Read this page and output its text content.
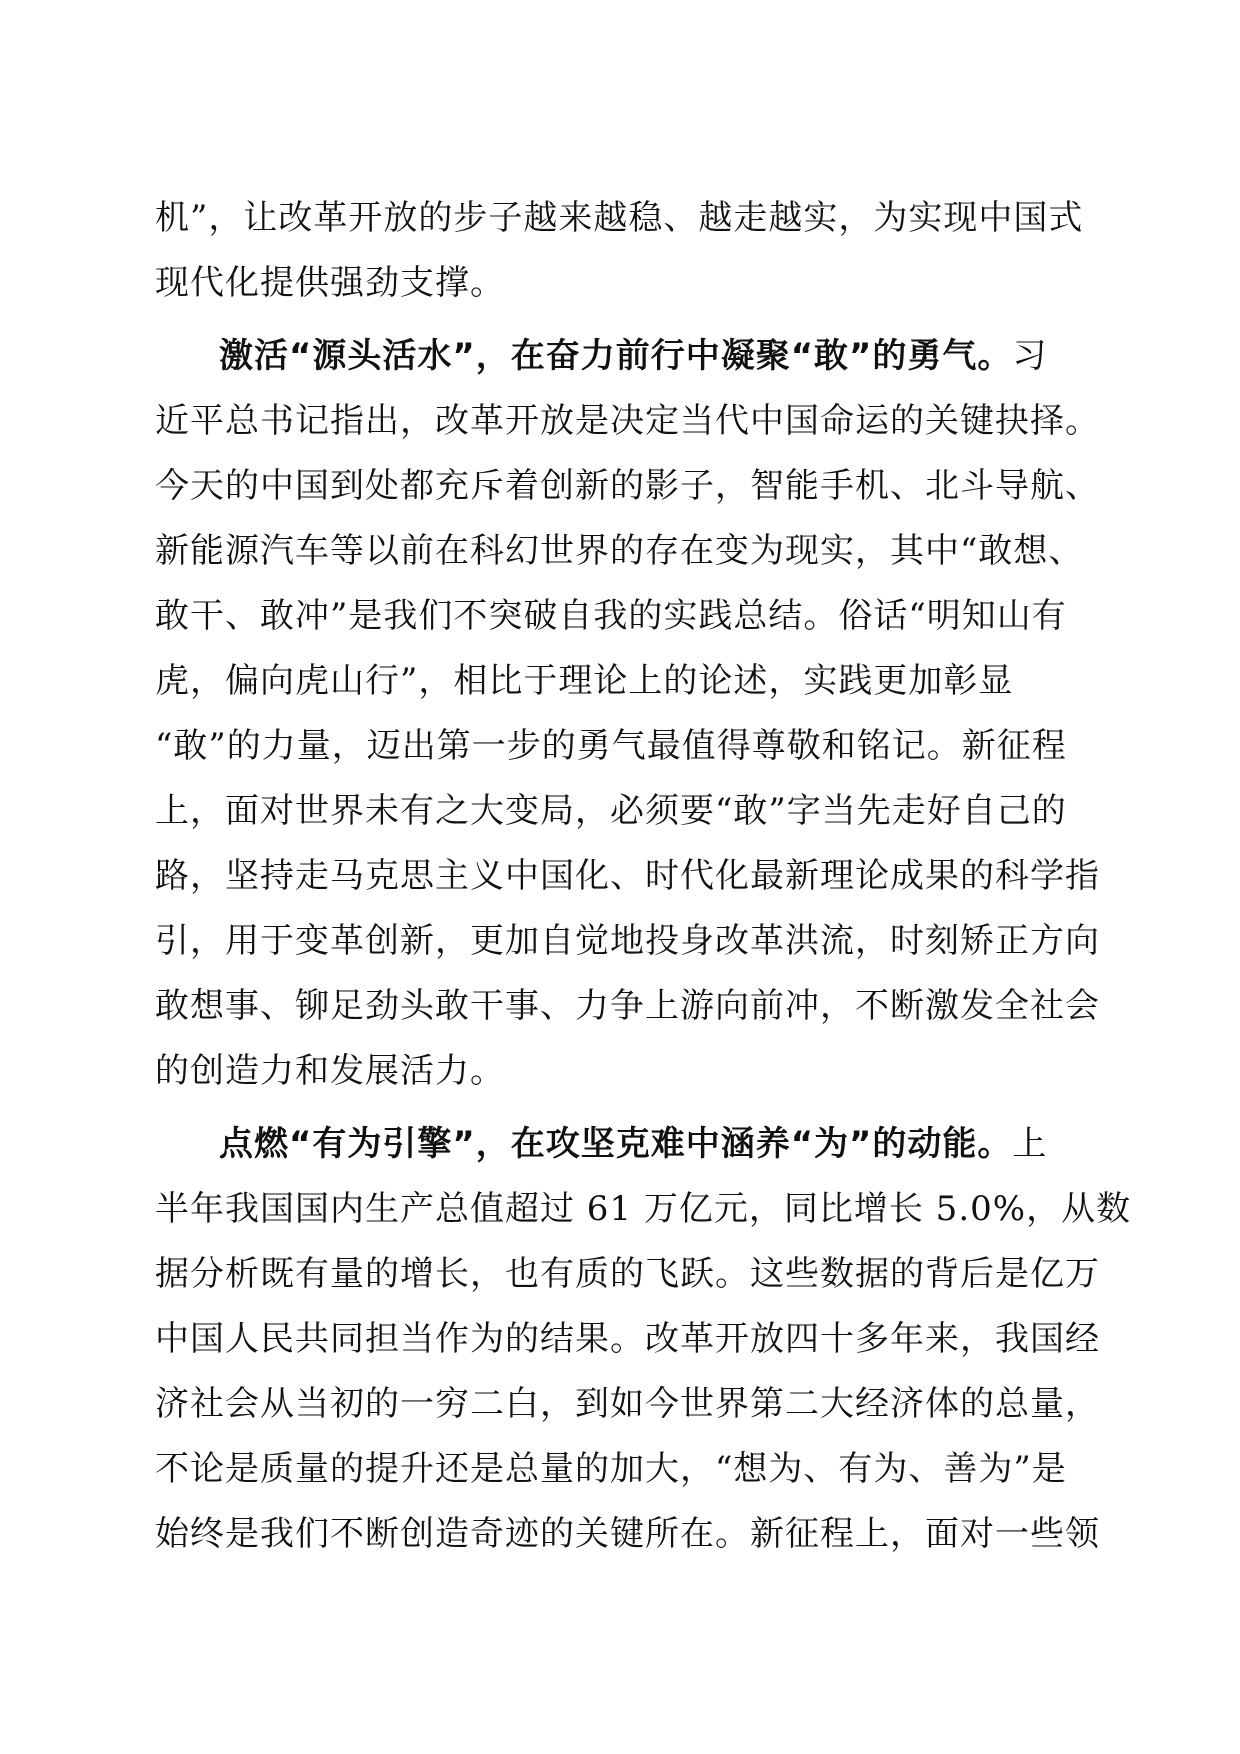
机”，让改革开放的步子越来越稳、越走越实，为实现中国式
现代化提供强劲支撑。
激活“源头活水”，在奋力前行中凝聚“敢”的勇气。习
近平总书记指出，改革开放是决定当代中国命运的关键抉择。
今天的中国到处都充斥着创新的影子，智能手机、北斗导航、
新能源汽车等以前在科幻世界的存在变为现实，其中“敢想、
敢干、敢冲”是我们不突破自我的实践总结。俗话“明知山有
虎，偏向虎山行”，相比于理论上的论述，实践更加彰显
“敢”的力量，迈出第一步的勇气最值得尊敬和铭记。新征程
上，面对世界未有之大变局，必须要“敢”字当先走好自己的
路，坚持走马克思主义中国化、时代化最新理论成果的科学指
引，用于变革创新，更加自觉地投身改革洪流，时刻矫正方向
敢想事、铆足劲头敢干事、力争上游向前冲，不断激发全社会
的创造力和发展活力。
点燃“有为引擎”，在攻坚克难中涵养“为”的动能。上
半年我国国内生产总值超过 61 万亿元，同比增长 5.0%，从数
据分析既有量的增长，也有质的飞跃。这些数据的背后是亿万
中国人民共同担当作为的结果。改革开放四十多年来，我国经
济社会从当初的一穷二白，到如今世界第二大经济体的总量，
不论是质量的提升还是总量的加大，“想为、有为、善为”是
始终是我们不断创造奇迹的关键所在。新征程上，面对一些领
